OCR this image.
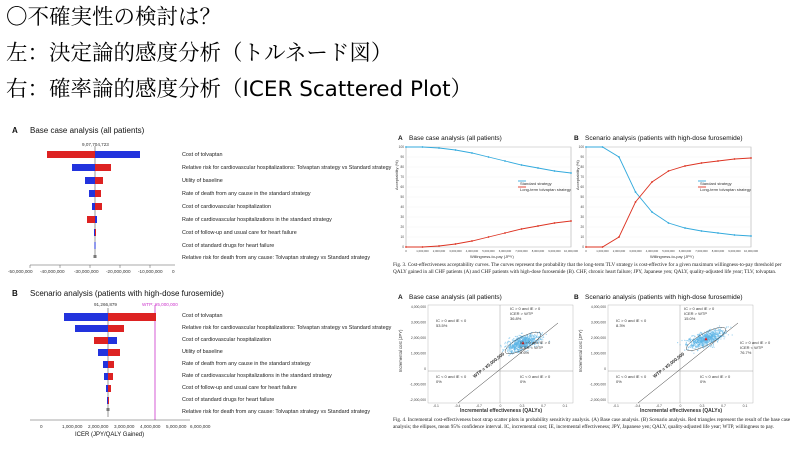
〇不確実性の検討は？
左：決定論的感度分析（トルネード図）
右：確率論的感度分析（ICER Scattered Plot）
A Base case analysis (all patients)
9,07,704,723
Cost of tolvaptan
Relative risk for cardiovascular hospitalizations: Tolvaptan strategy vs Standard strategy
Utility of baseline
Rate of death from any cause in the standard strategy
Cost of cardiovascular hospitalization
Rate of cardiovascular hospitalizations in the standard strategy
Cost of follow-up and usual care for heart failure
Cost of standard drugs for heart failure
Relative risk for death from any cause: Tolvaptan strategy vs Standard strategy
-50,000,000 -40,000,000 -30,000,000 -20,000,000 -10,000,000 0
B Scenario analysis (patients with high-dose furosemide)
91,266,879	WTP: ¥5,000,000
Cost of tolvaptan
Relative risk for cardiovascular hospitalizations: Tolvaptan strategy vs Standard strategy
Cost of cardiovascular hospitalization
Utility of baseline
Rate of death from any cause in the standard strategy
Rate of cardiovascular hospitalizations in the standard strategy
Cost of follow-up and usual care for heart failure
Cost of standard drugs for heart failure
Relative risk for death from any cause: Tolvaptan strategy vs Standard strategy
0	1,000,000 2,000,000 3,000,000 4,000,000 5,000,000 6,000,000
ICER (JPY/QALY Gained)
A Base case analysis (all patients)	B Scenario analysis (patients with high-dose furosemide)
0
10
20
30
40
50
60
70
80
90
100
0	1,000,000 2,000,000 3,000,000 4,000,000 5,000,000 6,000,000 7,000,000 8,000,000 9,000,000 10,000,000
0
10
20
30
40
50
60
70
80
90
100
0	1,000,000 2,000,000 3,000,000 4,000,000 5,000,000 6,000,000 7,000,000 8,000,000 9,000,000 10,000,000
Acceptability (%)	Acceptability (%)
Willingness-to-pay (JPY)	Willingness-to-pay (JPY)
Standard strategy
Long-term tolvaptan strategy
Standard strategy
Long-term tolvaptan strategy
Fig. 3. Cost-effectiveness acceptability curves. The curves represent the probability that the long-term TLV strategy is cost-effective for a given maximum willingness-to-pay threshold per QALY gained in all CHF patients (A) and CHF patients with high-dose furosemide (B). CHF, chronic heart failure; JPY, Japanese yen; QALY, quality-adjusted life year; TLV, tolvaptan.
A Base case analysis (all patients)	B Scenario analysis (patients with high-dose furosemide)
4,000,000
3,000,000
2,000,000
1,000,000
0
-1,000,000
-2,000,000
-0.1	-0.4	-0.7	0	0.3	0.7	0.1
4,000,000
3,000,000
2,000,000
1,000,000
0
-1,000,000
-2,000,000
-0.1	-0.4	-0.7	0	0.3	0.7	0.1
IC > 0 and IE > 0
ICER > WTP
36.8%
IC > 0 and IE < 0
53.5%
IC > 0 and IE > 0
ICER < WTP
9.6%
IC < 0 and IE < 0
0%
IC < 0 and IE > 0
0%
WTP = ¥5,000,000
IC > 0 and IE > 0
ICER > WTP
15.0%
IC > 0 and IE < 0
8.3%
IC > 0 and IE > 0
ICER < WTP
76.7%
IC < 0 and IE < 0
0%
IC < 0 and IE > 0
0%
WTP = ¥5,000,000
Incremental cost (JPY)	Incremental cost (JPY)
Incremental effectiveness (QALYs)	Incremental effectiveness (QALYs)
Fig. 4. Incremental cost-effectiveness boot strap scatter plots in probability sensitivity analysis. (A) Base case analysis. (B) Scenario analysis. Red triangles represent the result of the base case analysis; the ellipses, mean 95% confidence interval. IC, incremental cost; IE, incremental effectiveness; JPY, Japanese yen; QALY, quality-adjusted life year; WTP, willingness to pay.
